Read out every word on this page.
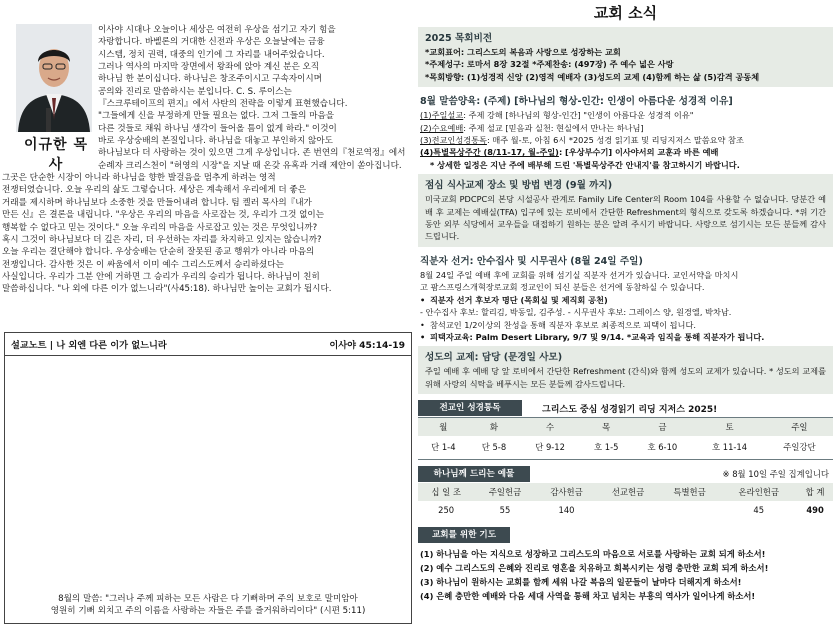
이규한 목사
이사야 시대나 오늘이나 세상은 여전히 우상을 섬기고 자기 힘을
자랑합니다. 바벨론의 거대한 신전과 우상은 오늘날에는 금융
시스템, 정치 권력, 대중의 인기에 그 자리를 내어주었습니다.
그러나 역사의 마지막 장면에서 왕좌에 앉아 계신 분은 오직
하나님 한 분이십니다. 하나님은 창조주이시고 구속자이시며
공의와 진리로 말씀하시는 분입니다. C. S. 루이스는
『스크루테이프의 편지』에서 사탄의 전략을 이렇게 표현했습니다.
"그들에게 신을 부정하게 만들 필요는 없다. 그저 그들의 마음을
다른 것들로 채워 하나님 생각이 들어올 틈이 없게 하라." 이것이
바로 우상숭배의 본질입니다. 하나님을 대놓고 부인하지 않아도
하나님보다 더 사랑하는 것이 있으면 그게 우상입니다. 존 번연의『천로역정』에서
순례자 크리스천이 "허영의 시장"을 지날 때 온갖 유혹과 거래 제안이 쏟아집니다.
그곳은 단순한 시장이 아니라 하나님을 향한 발걸음을 멈추게 하려는 영적
전쟁터였습니다. 오늘 우리의 삶도 그렇습니다. 세상은 계속해서 우리에게 더 좋은
거래를 제시하며 하나님보다 소중한 것을 만들어내려 합니다. 팀 켈러 목사의『내가
만든 신』은 결론을 내립니다. "우상은 우리의 마음을 사로잡는 것, 우리가 그것 없이는
행복할 수 없다고 믿는 것이다." 오늘 우리의 마음을 사로잡고 있는 것은 무엇입니까?
혹시 그것이 하나님보다 더 깊은 자리, 더 우선하는 자리를 차지하고 있지는 않습니까?
오늘 우리는 결단해야 합니다. 우상숭배는 단순히 잘못된 종교 행위가 아니라 마음의
전쟁입니다. 감사한 것은 이 싸움에서 이미 예수 그리스도께서 승리하셨다는
사실입니다. 우리가 그분 안에 거하면 그 승리가 우리의 승리가 됩니다. 하나님이 친히
말씀하십니다. "나 외에 다른 이가 없느니라"(사45:18). 하나님만 높이는 교회가 됩시다.
설교노트 | 나 외엔 다른 이가 없느니라	이사야 45:14-19
8월의 말씀: "그러나 주께 피하는 모든 사람은 다 기뻐하며 주의 보호로 말미암아
영원히 기뻐 외치고 주의 이름을 사랑하는 자들은 주를 즐거워하리이다" (시편 5:11)
교회 소식
2025 목회비전
*교회표어: 그리스도의 복음과 사랑으로 성장하는 교회
*주제성구: 로마서 8장 32절 *주제찬송: (497장) 주 예수 넓은 사랑
*목회방향: (1)성경적 신앙 (2)영적 예배자 (3)성도의 교제 (4)함께 하는 삶 (5)감격 공동체
8월 말씀양육: (주제) [하나님의 형상-인간: 인생이 아름다운 성경적 이유]
(1)주일설교: 주제 강해 [하나님의 형상-인간] "인생이 아름다운 성경적 이유"
(2)수요예배: 주제 설교 [믿음과 실천: 현실에서 만나는 하나님]
(3)전교인성경통독: 매주 월-토, 아침 6시 *2025 성경 읽기표 및 리딩지저스 말씀요약 참조
(4)특별목상주간 (8/11-17, 월-주일): [우상부수기] 이사야서의 교훈과 바른 예배
* 상세한 일정은 지난 주에 배부해 드린 '특별묵상주간 안내지'를 참고하시기 바랍니다.
점심 식사교제 장소 및 방법 변경 (9월 까지)
미국교회 PDCPC의 본당 시설공사 관계로 Family Life Center의 Room 104를 사용할 수 없습니다. 당분간 예배 후 교제는 예배실(TFA) 입구에 있는 로비에서 간단한 Refreshment의 형식으로 갖도록 하겠습니다. *위 기간 동안 외부 식당에서 교우들을 대접하기 원하는 분은 알려 주시기 바랍니다. 사랑으로 섬기시는 모든 분들께 감사드립니다.
직분자 선거: 안수집사 및 시무권사 (8월 24일 주일)
8월 24일 주일 예배 후에 교회를 위해 섬기실 직분자 선거가 있습니다. 교인서약을 마치시
고 팜스프링스개혁장로교회 정교인이 되신 분들은 선거에 동참하실 수 있습니다.
• 직분자 선거 후보자 명단 (목회실 및 제직회 공천)
- 안수집사 후보: 할리김, 박동일, 김주성. - 시무권사 후보: 그레이스 양, 원경엘, 박차남.
• 참석교인 1/2이상의 찬성을 통해 직분자 후보로 최종적으로 피택이 됩니다.
• 피택자교육: Palm Desert Library, 9/7 및 9/14. *교육과 임직을 통해 직분자가 됩니다.
성도의 교제: 담당 (문경일 사모)
주일 예배 후 예배 당 앞 로비에서 간단한 Refreshment (간식)와 함께 성도의 교제가 있습니다. * 성도의 교제를 위해 사랑의 식탁을 베푸시는 모든 분들께 감사드립니다.
전교인 성경통독	그리스도 중심 성경읽기 리딩 지저스 2025!
월	화	수	목	금	토	주일
단 1-4	단 5-8	단 9-12	호 1-5	호 6-10	호 11-14	주일강단
하나님께 드리는 예물	※ 8월 10일 주일 집계입니다
십 일 조	주일헌금	감사헌금	선교헌금	특별헌금	온라인헌금	합 계
250	55	140			45	490
교회를 위한 기도
(1) 하나님을 아는 지식으로 성장하고 그리스도의 마음으로 서로를 사랑하는 교회 되게 하소서!
(2) 예수 그리스도의 은혜와 진리로 영혼을 치유하고 회복시키는 성령 충만한 교회 되게 하소서!
(3) 하나님이 원하시는 교회를 함께 세워 나갈 복음의 일꾼들이 날마다 더해지게 하소서!
(4) 은혜 충만한 예배와 다음 세대 사역을 통해 차고 넘치는 부흥의 역사가 일어나게 하소서!
